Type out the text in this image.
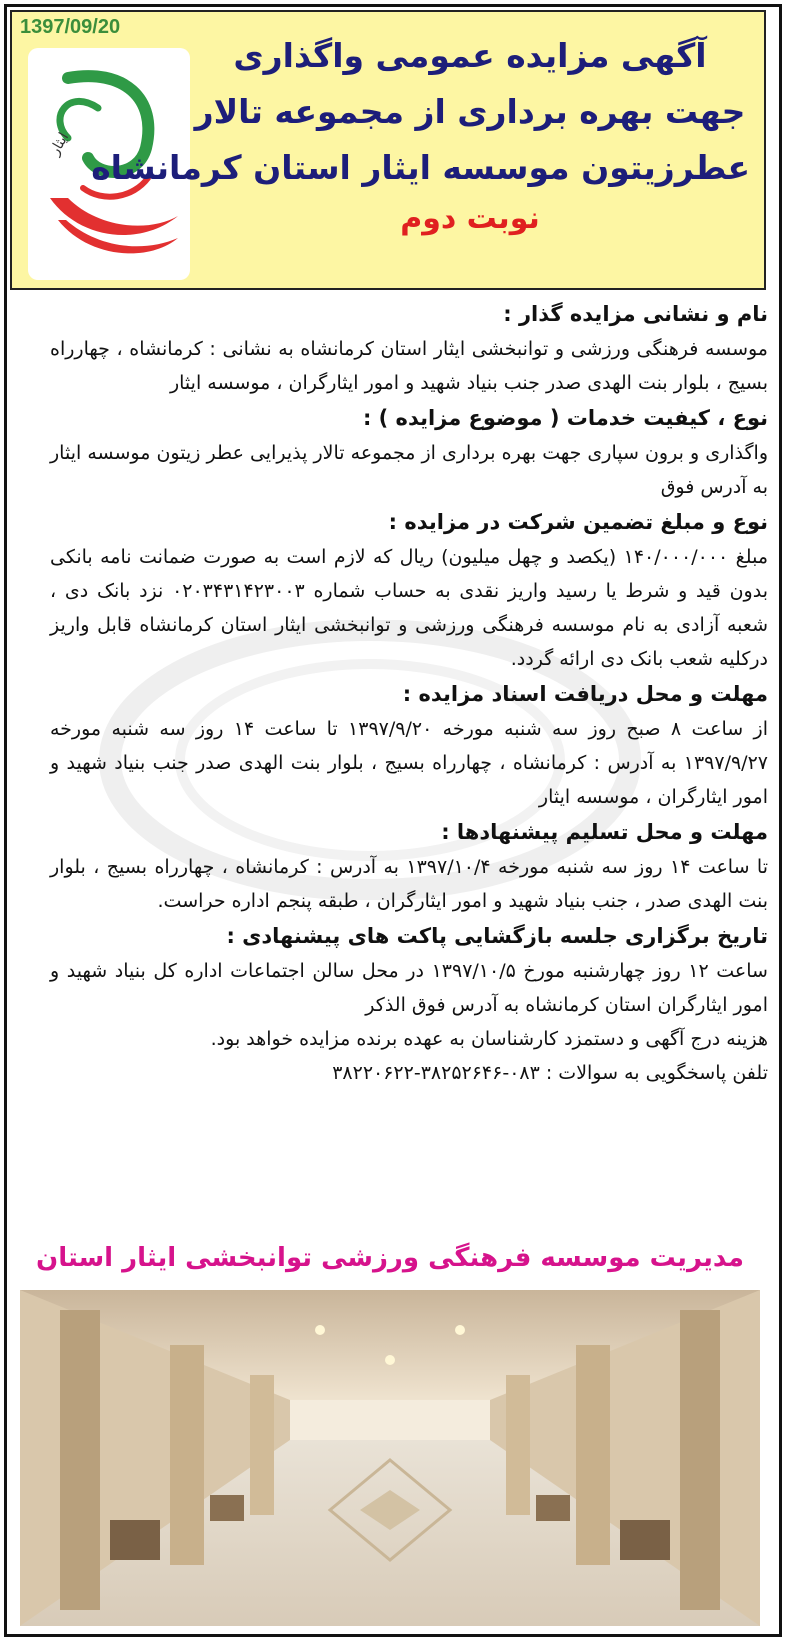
1397/09/20
ایثار
آگهی مزایده عمومی واگذاری
جهت بهره برداری از مجموعه تالار
عطرزیتون موسسه ایثار استان کرمانشاه
نوبت دوم

نام و نشانی مزایده گذار :

موسسه فرهنگی ورزشی و توانبخشی ایثار استان کرمانشاه به نشانی : کرمانشاه ، چهارراه بسیج ، بلوار بنت الهدی صدر جنب بنیاد شهید و امور ایثارگران ، موسسه ایثار

نوع ، کیفیت خدمات ( موضوع مزایده ) :

واگذاری و برون سپاری جهت بهره برداری از مجموعه تالار پذیرایی عطر زیتون موسسه ایثار به آدرس فوق

نوع و مبلغ تضمین شرکت در مزایده :

مبلغ ۱۴۰/۰۰۰/۰۰۰ (یکصد و چهل میلیون) ریال که لازم است به صورت ضمانت نامه بانکی بدون قید و شرط یا رسید واریز نقدی به حساب شماره ۰۲۰۳۴۳۱۴۲۳۰۰۳ نزد بانک دی ، شعبه آزادی به نام موسسه فرهنگی ورزشی و توانبخشی ایثار استان کرمانشاه قابل واریز درکلیه شعب بانک دی ارائه گردد.

مهلت و محل دریافت اسناد مزایده :

از ساعت ۸ صبح روز سه شنبه مورخه ۱۳۹۷/۹/۲۰ تا ساعت ۱۴ روز سه شنبه مورخه ۱۳۹۷/۹/۲۷ به آدرس : کرمانشاه ، چهارراه بسیج ، بلوار بنت الهدی صدر جنب بنیاد شهید و امور ایثارگران ، موسسه ایثار

مهلت و محل تسلیم پیشنهادها :

تا ساعت ۱۴ روز سه شنبه مورخه ۱۳۹۷/۱۰/۴ به آدرس : کرمانشاه ، چهارراه بسیج ، بلوار بنت الهدی صدر ، جنب بنیاد شهید و امور ایثارگران ، طبقه پنجم اداره حراست.

تاریخ برگزاری جلسه بازگشایی پاکت های پیشنهادی :

ساعت ۱۲ روز چهارشنبه مورخ ۱۳۹۷/۱۰/۵ در محل سالن اجتماعات اداره کل بنیاد شهید و امور ایثارگران استان کرمانشاه به آدرس فوق الذکر

هزینه درج آگهی و دستمزد کارشناسان به عهده برنده مزایده خواهد بود.

تلفن پاسخگویی به سوالات : ۰۸۳-۳۸۲۵۲۶۴۶-۳۸۲۲۰۶۲۲

مدیریت موسسه فرهنگی ورزشی توانبخشی ایثار استان
